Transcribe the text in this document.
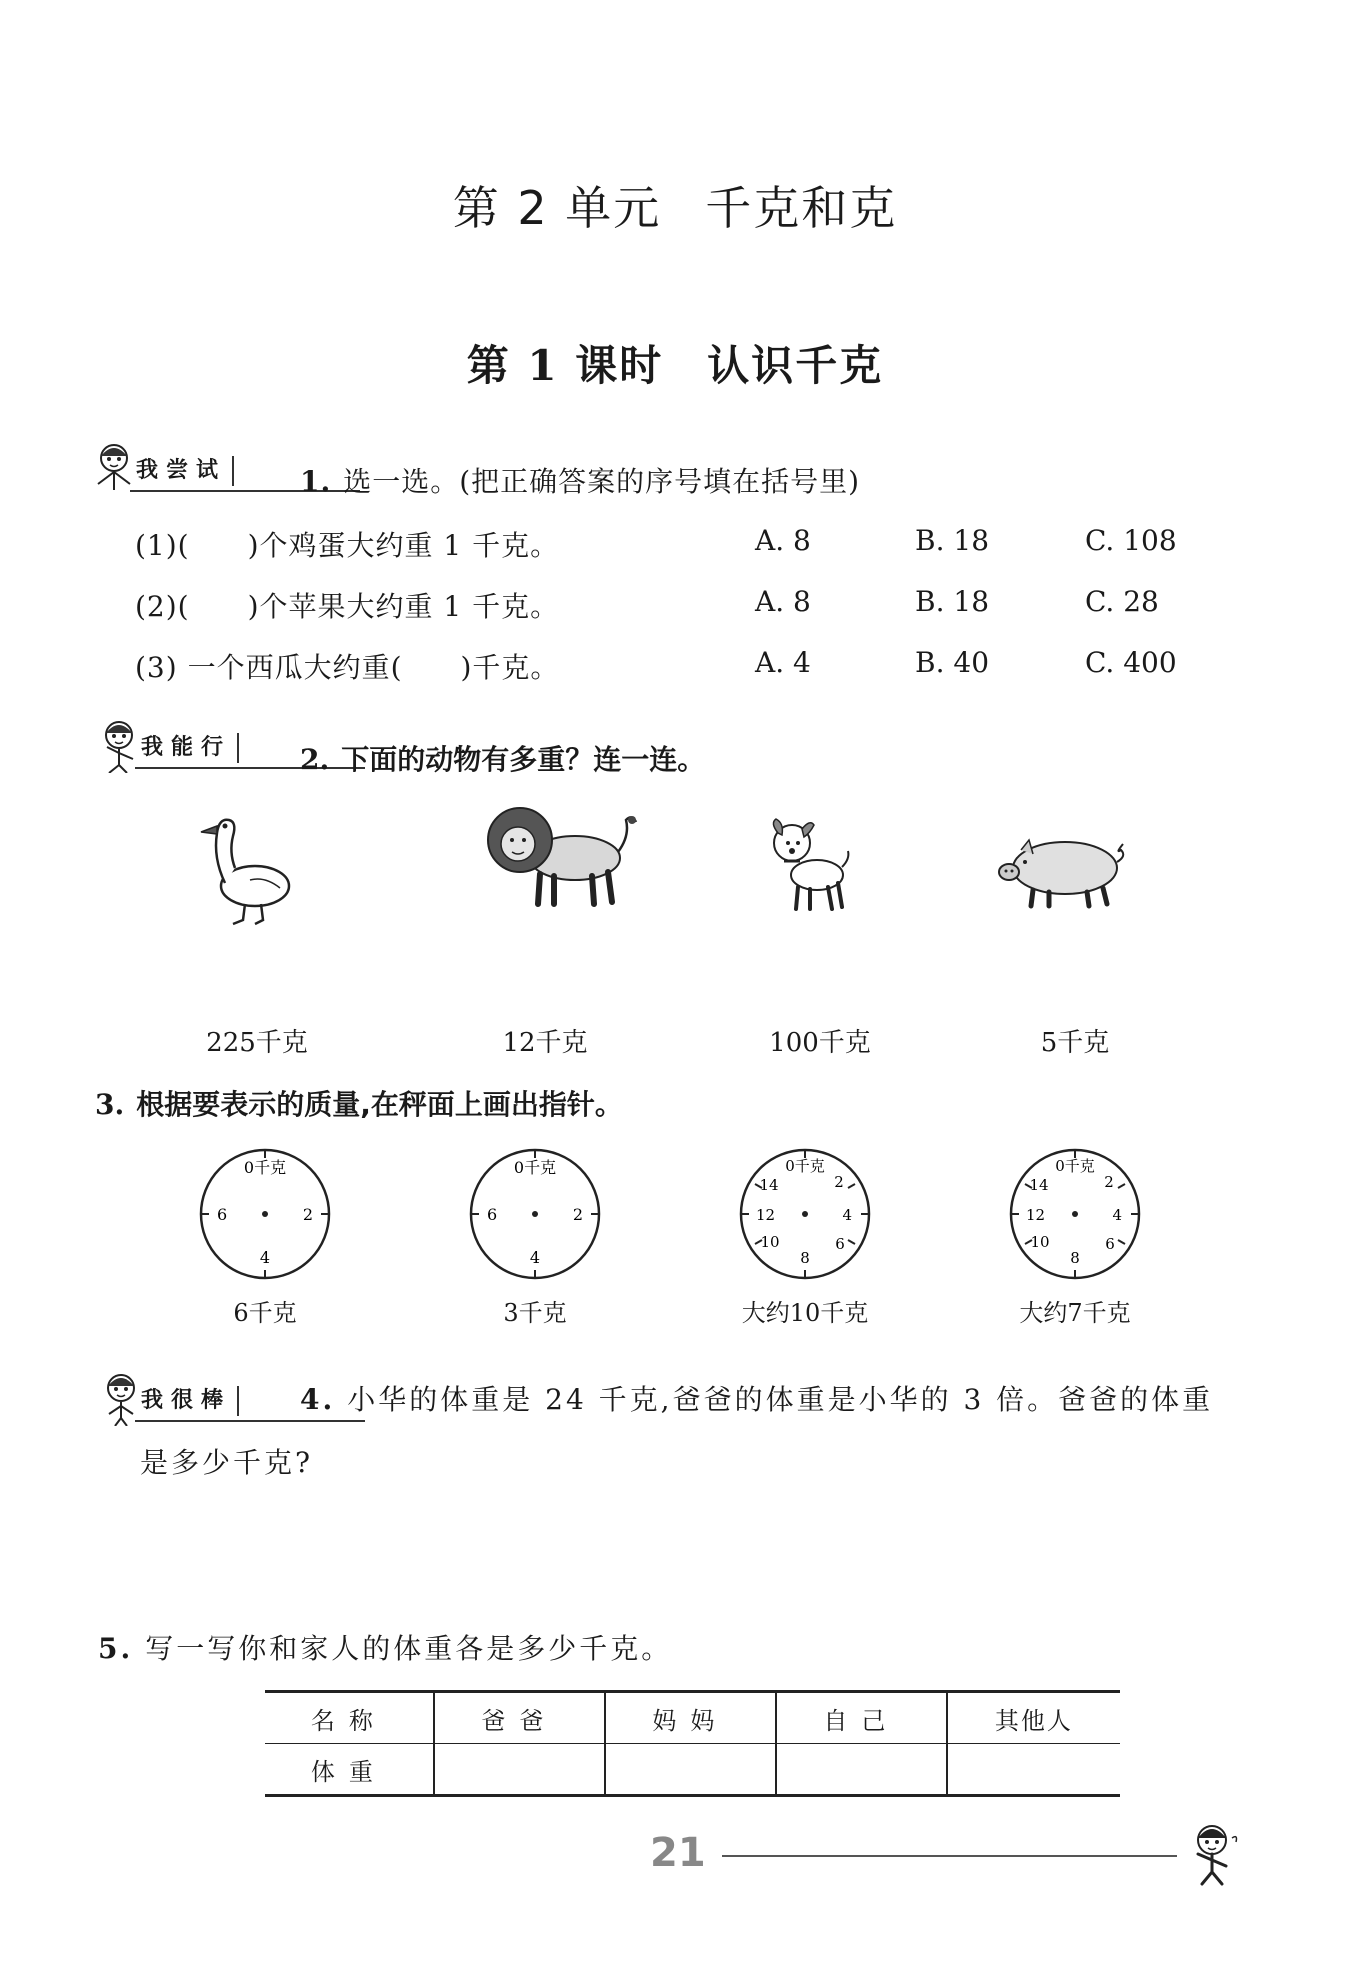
第 2 单元 千克和克
第 1 课时 认识千克
我尝试	1. 选一选。(把正确答案的序号填在括号里)
(1)(　　)个鸡蛋大约重 1 千克。	A. 8	B. 18	C. 108
(2)(　　)个苹果大约重 1 千克。	A. 8	B. 18	C. 28
(3) 一个西瓜大约重(　　)千克。	A. 4	B. 40	C. 400
我能行 2. 下面的动物有多重？连一连。
225千克	12千克	100千克	5千克
3. 根据要表示的质量,在秤面上画出指针。
0千克
2
4
6
0千克
2
4
6
0千克
2
4
6
8
10
12
14
0千克
2
4
6
8
10
12
14
6千克	3千克	大约10千克	大约7千克
我很棒 4. 小华的体重是 24 千克,爸爸的体重是小华的 3 倍。爸爸的体重
是多少千克?
5. 写一写你和家人的体重各是多少千克。
名称	爸爸	妈妈	自己	其他人
体重				
21
